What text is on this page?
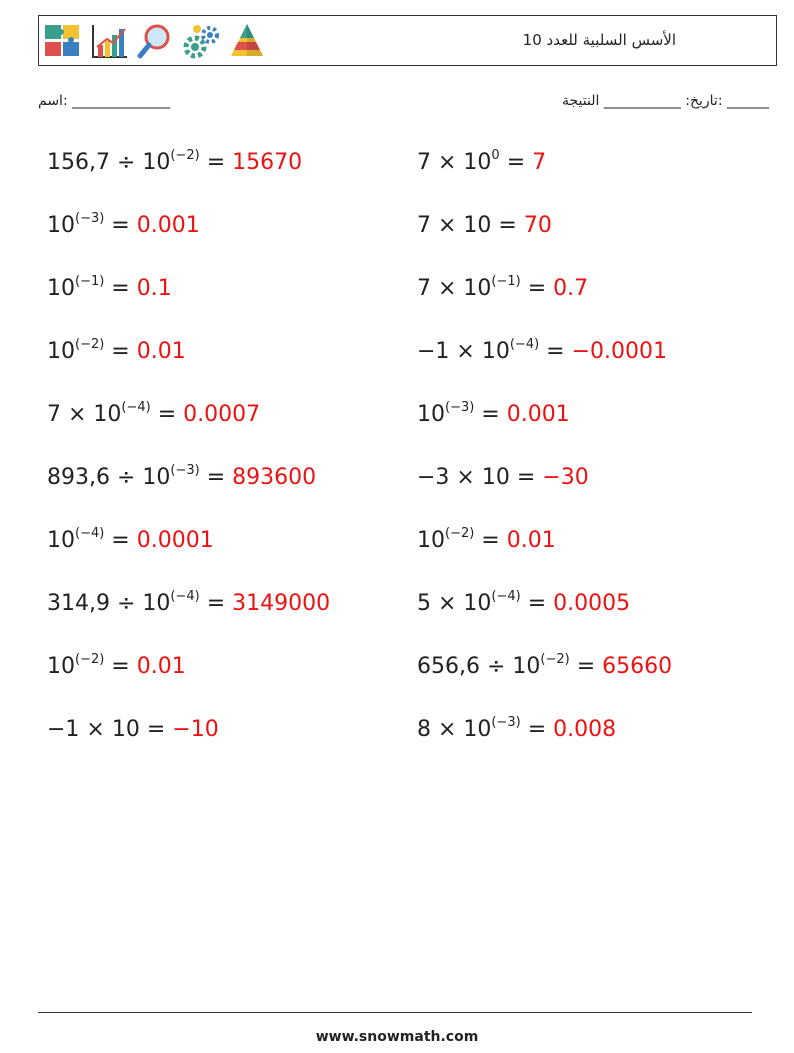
الأسس السلبية للعدد 10
______ :تاريخ: ___________ النتيجة
______________ :اسم
$156,7 \div 10^{(-2)} = 15670$
$10^{(-3)} = 0.001$
$10^{(-1)} = 0.1$
$10^{(-2)} = 0.01$
$7 \times 10^{(-4)} = 0.0007$
$893,6 \div 10^{(-3)} = 893600$
$10^{(-4)} = 0.0001$
$314,9 \div 10^{(-4)} = 3149000$
$10^{(-2)} = 0.01$
−1 × 10 = −10
$7 \times 10^0 = 7$
7 × 10 = 70
$7 \times 10^{(-1)} = 0.7$
$-1 \times 10^{(-4)} = -0.0001$
$10^{(-3)} = 0.001$
−3 × 10 = −30
$10^{(-2)} = 0.01$
$5 \times 10^{(-4)} = 0.0005$
$656,6 \div 10^{(-2)} = 65660$
$8 \times 10^{(-3)} = 0.008$
www.snowmath.com
